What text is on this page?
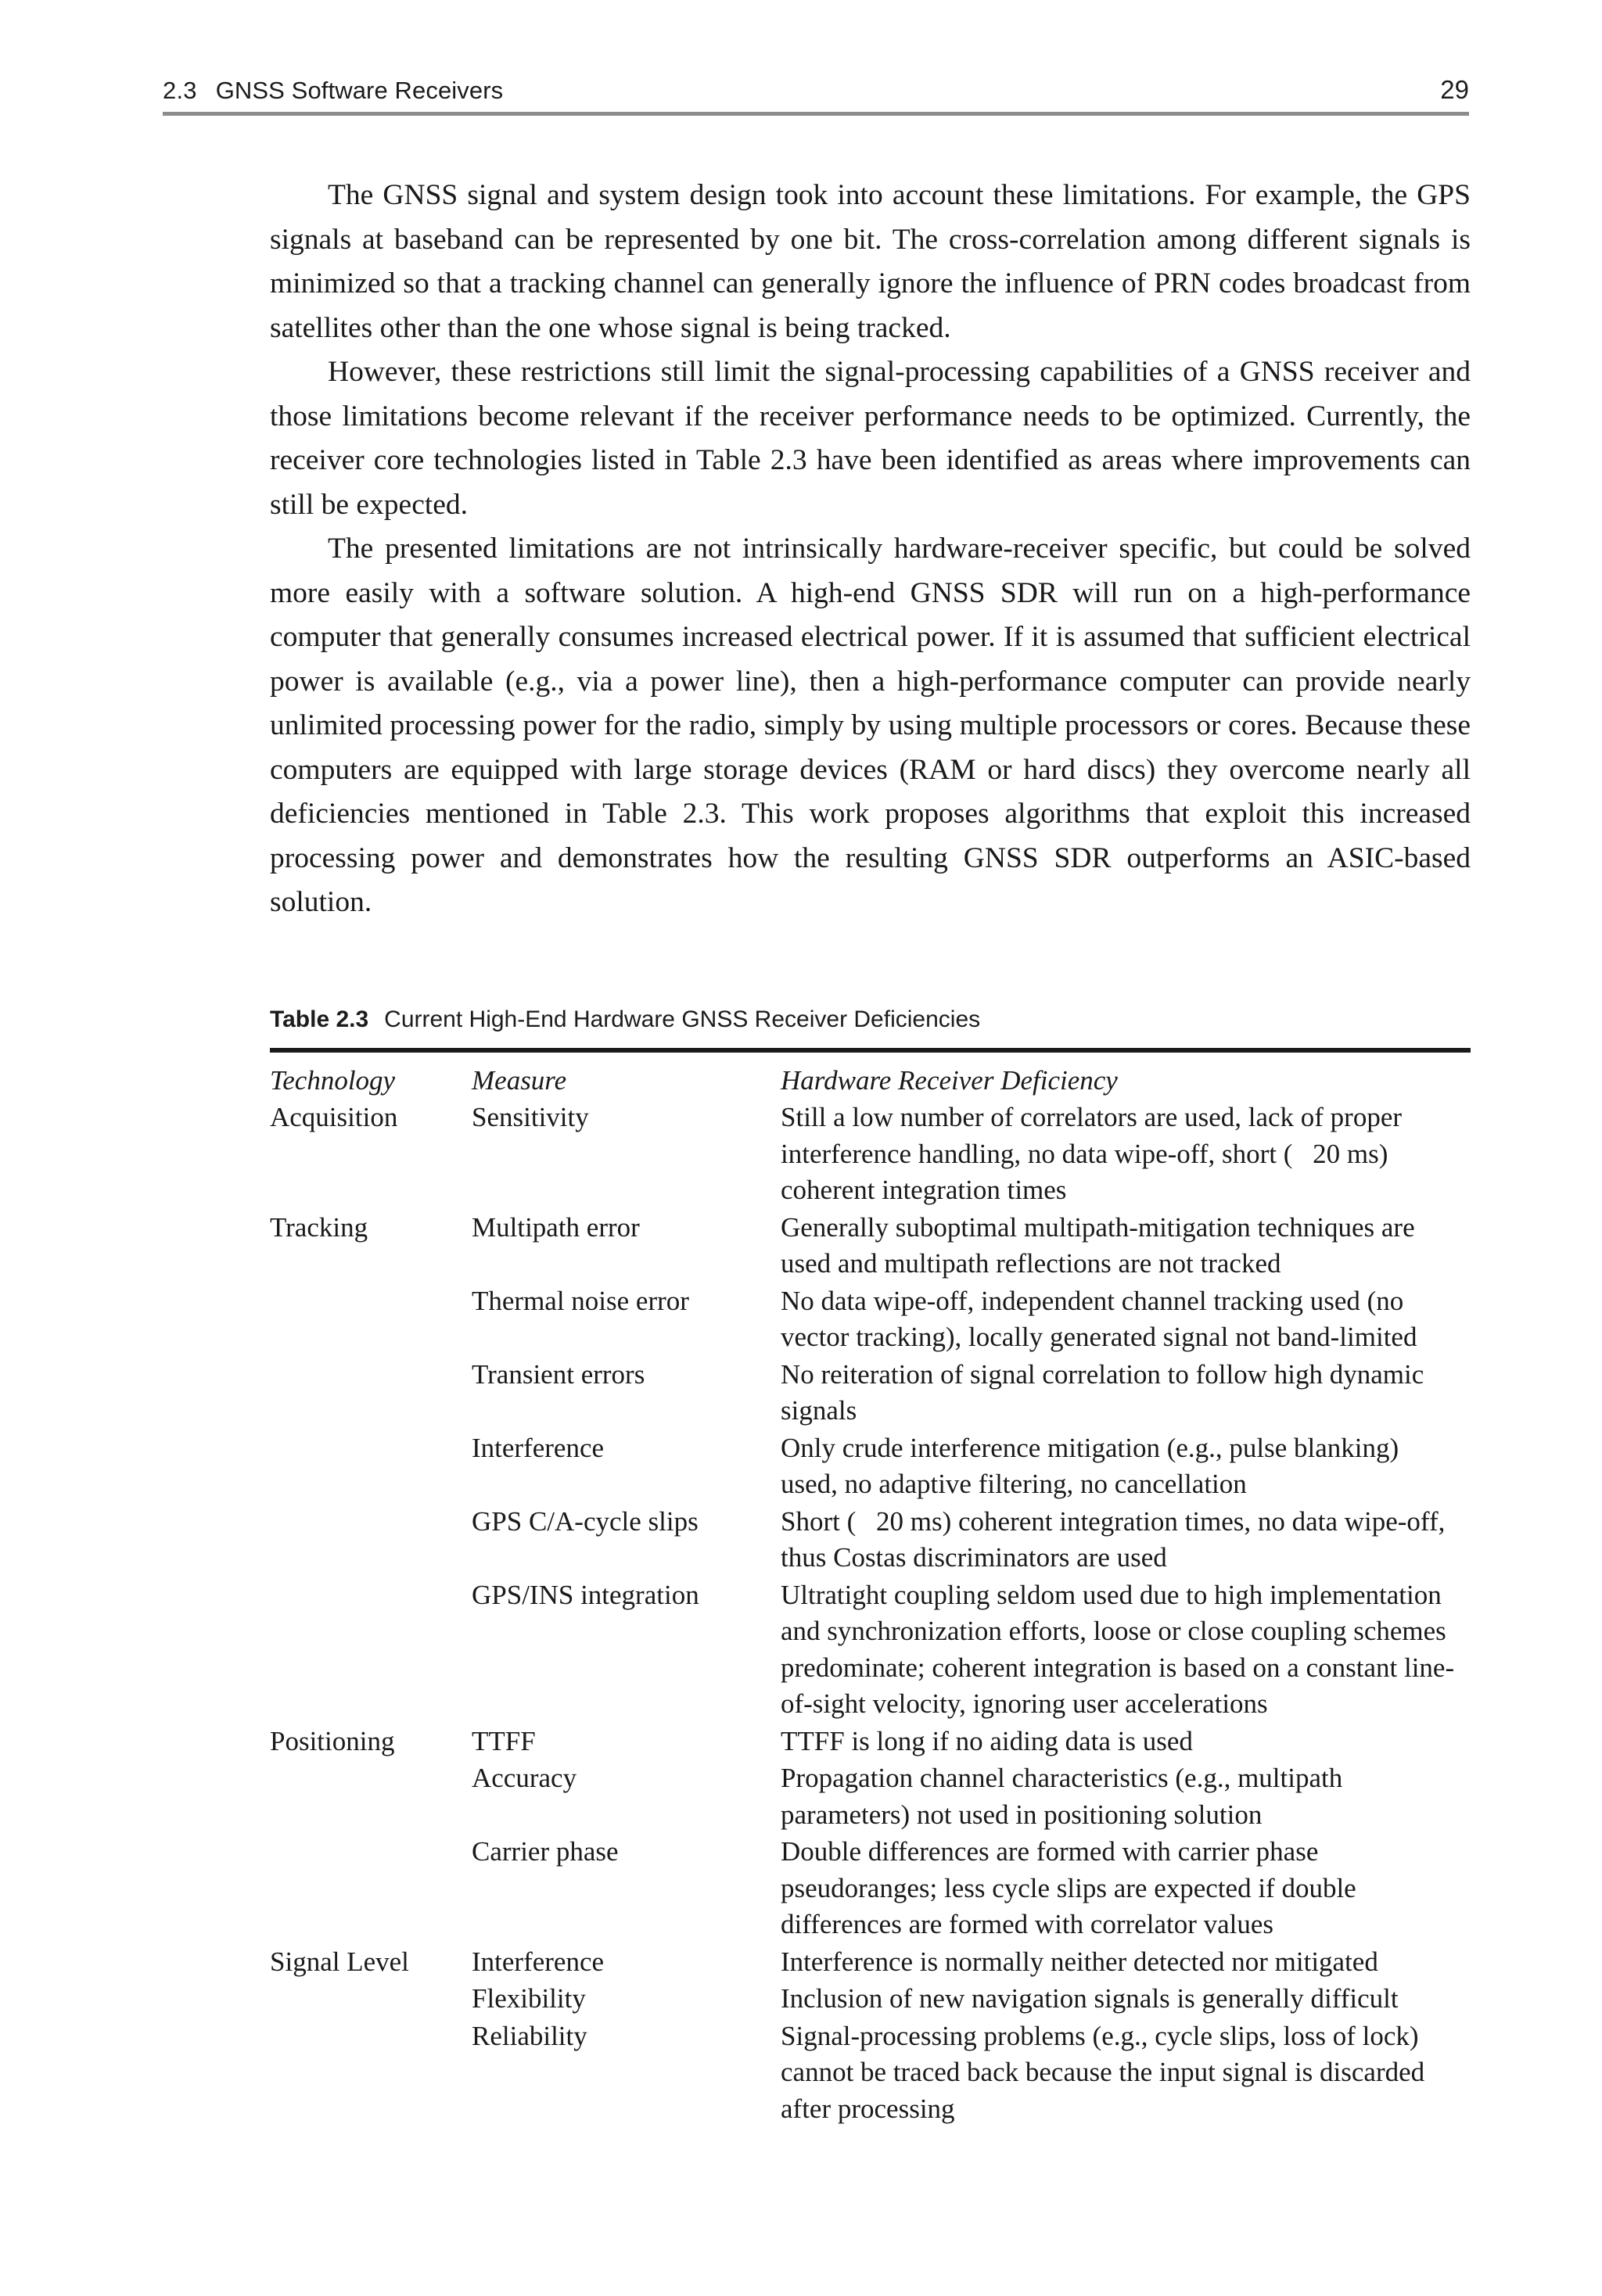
2.3 GNSS Software Receivers	29

The GNSS signal and system design took into account these limitations. For example, the GPS signals at baseband can be represented by one bit. The cross-correlation among different signals is minimized so that a tracking channel can generally ignore the influence of PRN codes broadcast from satellites other than the one whose signal is being tracked.

However, these restrictions still limit the signal-processing capabilities of a GNSS receiver and those limitations become relevant if the receiver performance needs to be optimized. Currently, the receiver core technologies listed in Table 2.3 have been identified as areas where improvements can still be expected.

The presented limitations are not intrinsically hardware-receiver specific, but could be solved more easily with a software solution. A high-end GNSS SDR will run on a high-performance computer that generally consumes increased electrical power. If it is assumed that sufficient electrical power is available (e.g., via a power line), then a high-performance computer can provide nearly unlimited processing power for the radio, simply by using multiple processors or cores. Because these computers are equipped with large storage devices (RAM or hard discs) they overcome nearly all deficiencies mentioned in Table 2.3. This work proposes algorithms that exploit this increased processing power and demonstrates how the resulting GNSS SDR outperforms an ASIC-based solution.

Table 2.3 Current High-End Hardware GNSS Receiver Deficiencies
Technology	Measure	Hardware Receiver Deficiency
Acquisition	Sensitivity	Still a low number of correlators are used, lack of proper interference handling, no data wipe-off, short ( 20 ms) coherent integration times
Tracking	Multipath error	Generally suboptimal multipath-mitigation techniques are used and multipath reflections are not tracked
	Thermal noise error	No data wipe-off, independent channel tracking used (no vector tracking), locally generated signal not band-limited
	Transient errors	No reiteration of signal correlation to follow high dynamic signals
	Interference	Only crude interference mitigation (e.g., pulse blanking) used, no adaptive filtering, no cancellation
	GPS C/A-cycle slips	Short ( 20 ms) coherent integration times, no data wipe-off, thus Costas discriminators are used
	GPS/INS integration	Ultratight coupling seldom used due to high implementation and synchronization efforts, loose or close coupling schemes predominate; coherent integration is based on a constant line-of-sight velocity, ignoring user accelerations
Positioning	TTFF	TTFF is long if no aiding data is used
	Accuracy	Propagation channel characteristics (e.g., multipath parameters) not used in positioning solution
	Carrier phase	Double differences are formed with carrier phase pseudoranges; less cycle slips are expected if double differences are formed with correlator values
Signal Level	Interference	Interference is normally neither detected nor mitigated
	Flexibility	Inclusion of new navigation signals is generally difficult
	Reliability	Signal-processing problems (e.g., cycle slips, loss of lock) cannot be traced back because the input signal is discarded after processing
